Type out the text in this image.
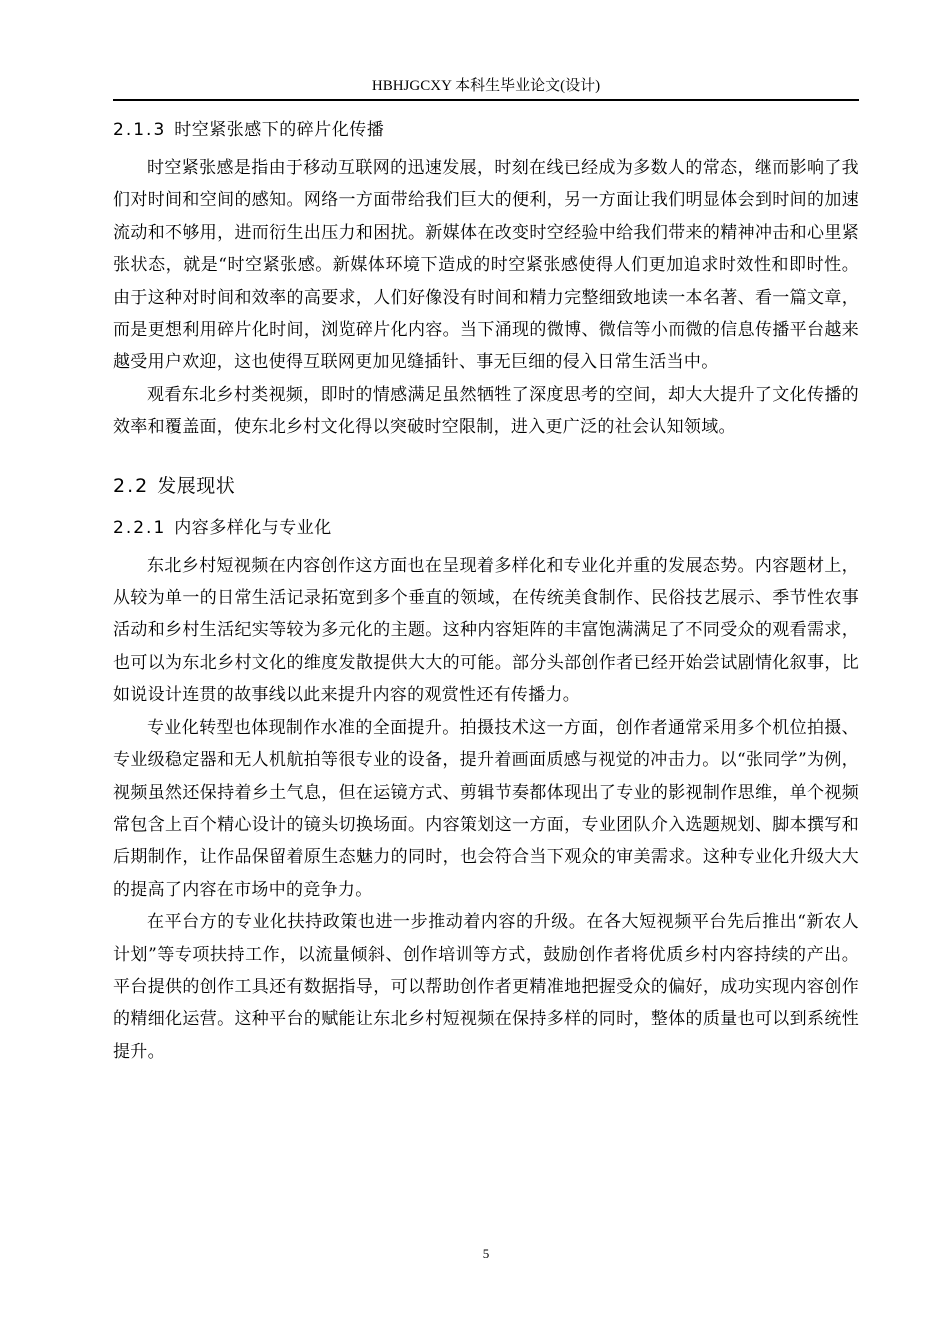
HBHJGCXY 本科生毕业论文(设计)
2.1.3 时空紧张感下的碎片化传播

时空紧张感是指由于移动互联网的迅速发展，时刻在线已经成为多数人的常态，继而影响了我们对时间和空间的感知。网络一方面带给我们巨大的便利，另一方面让我们明显体会到时间的加速流动和不够用，进而衍生出压力和困扰。新媒体在改变时空经验中给我们带来的精神冲击和心里紧张状态，就是“时空紧张感。新媒体环境下造成的时空紧张感使得人们更加追求时效性和即时性。由于这种对时间和效率的高要求，人们好像没有时间和精力完整细致地读一本名著、看一篇文章，而是更想利用碎片化时间，浏览碎片化内容。当下涌现的微博、微信等小而微的信息传播平台越来越受用户欢迎，这也使得互联网更加见缝插针、事无巨细的侵入日常生活当中。

观看东北乡村类视频，即时的情感满足虽然牺牲了深度思考的空间，却大大提升了文化传播的效率和覆盖面，使东北乡村文化得以突破时空限制，进入更广泛的社会认知领域。

2.2 发展现状
2.2.1 内容多样化与专业化

东北乡村短视频在内容创作这方面也在呈现着多样化和专业化并重的发展态势。内容题材上，从较为单一的日常生活记录拓宽到多个垂直的领域，在传统美食制作、民俗技艺展示、季节性农事活动和乡村生活纪实等较为多元化的主题。这种内容矩阵的丰富饱满满足了不同受众的观看需求，也可以为东北乡村文化的维度发散提供大大的可能。部分头部创作者已经开始尝试剧情化叙事，比如说设计连贯的故事线以此来提升内容的观赏性还有传播力。

专业化转型也体现制作水准的全面提升。拍摄技术这一方面，创作者通常采用多个机位拍摄、专业级稳定器和无人机航拍等很专业的设备，提升着画面质感与视觉的冲击力。以“张同学”为例，视频虽然还保持着乡土气息，但在运镜方式、剪辑节奏都体现出了专业的影视制作思维，单个视频常包含上百个精心设计的镜头切换场面。内容策划这一方面，专业团队介入选题规划、脚本撰写和后期制作，让作品保留着原生态魅力的同时，也会符合当下观众的审美需求。这种专业化升级大大的提高了内容在市场中的竞争力。

在平台方的专业化扶持政策也进一步推动着内容的升级。在各大短视频平台先后推出“新农人计划”等专项扶持工作，以流量倾斜、创作培训等方式，鼓励创作者将优质乡村内容持续的产出。平台提供的创作工具还有数据指导，可以帮助创作者更精准地把握受众的偏好，成功实现内容创作的精细化运营。这种平台的赋能让东北乡村短视频在保持多样的同时，整体的质量也可以到系统性提升。

5
